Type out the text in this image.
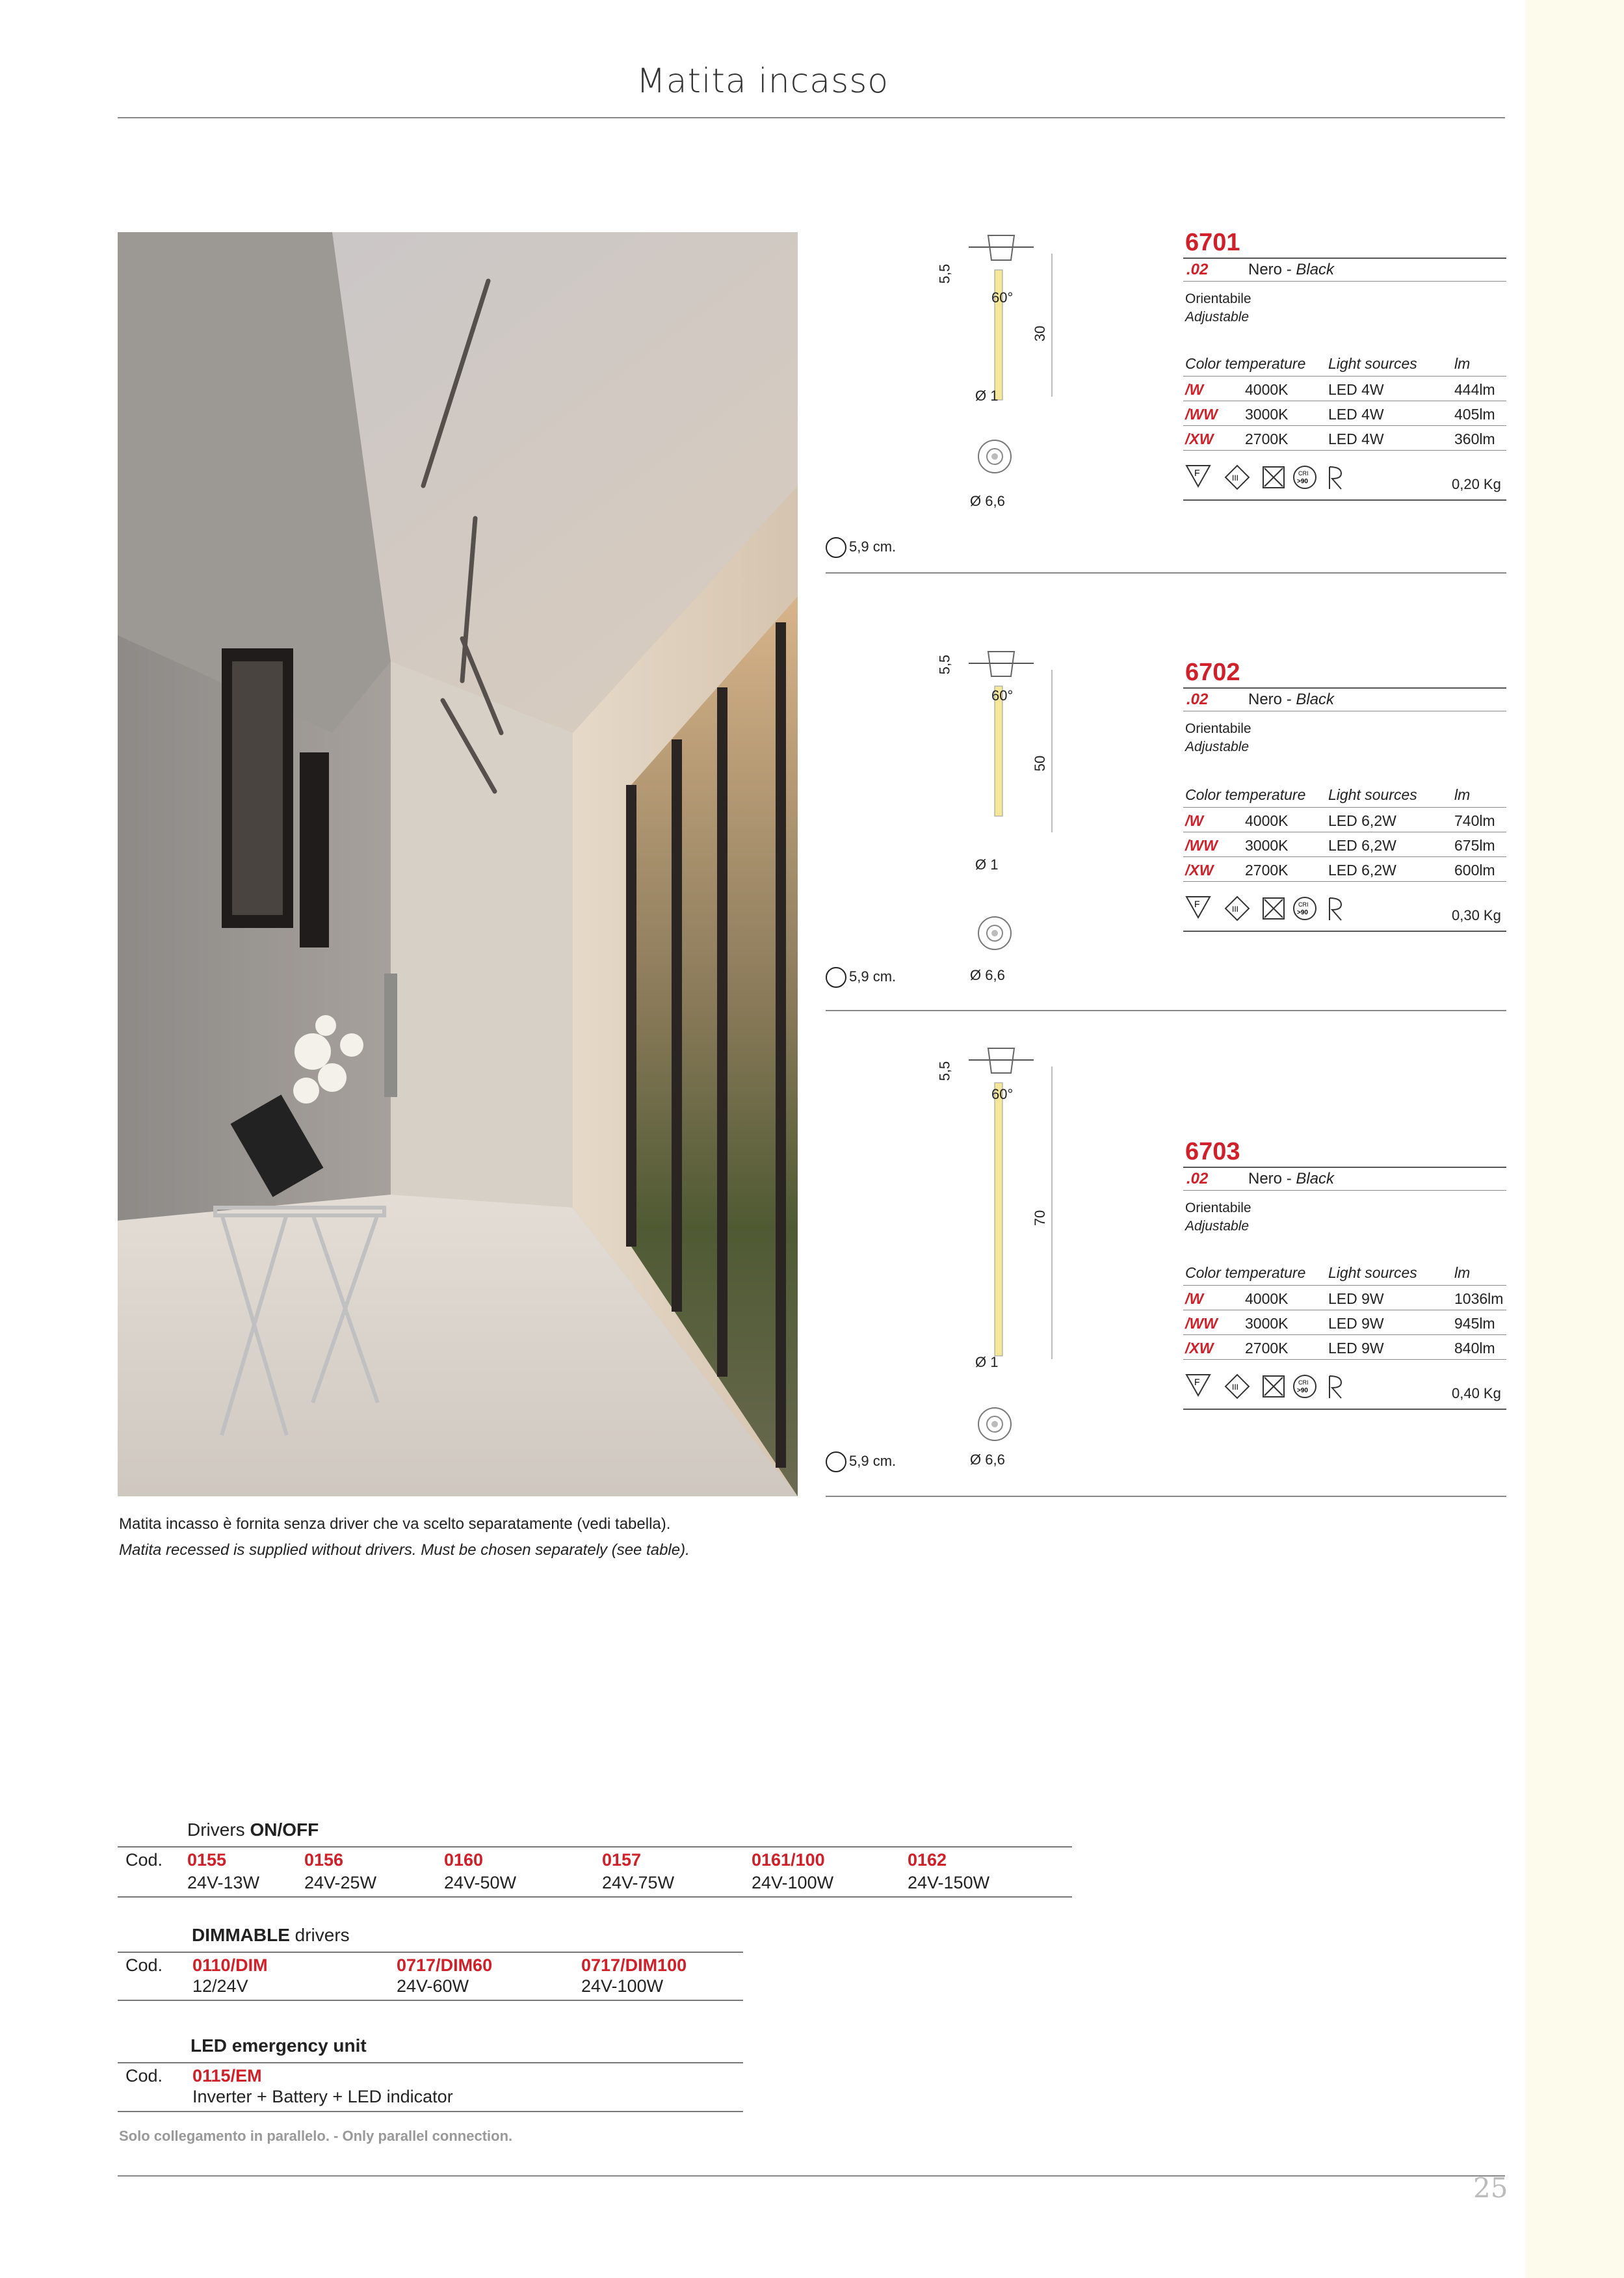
Matita incasso
Matita incasso è fornita senza driver che va scelto separatamente (vedi tabella).
Matita recessed is supplied without drivers. Must be chosen separately (see table).
5,5
60°
30
Ø 1
Ø 6,6
5,9 cm.
6701
.02	Nero - Black
Orientabile
Adjustable
Color temperature Light sources lm
/W	4000K	LED 4W	444lm
/WW 3000K	LED 4W	405lm
/XW 2700K	LED 4W	360lm
F	III	CRI
>90	0,20 Kg
5,5
60°
50
Ø 1
Ø 6,6
5,9 cm.
6702
.02	Nero - Black
Orientabile
Adjustable
Color temperature Light sources lm
/W	4000K	LED 6,2W	740lm
/WW 3000K	LED 6,2W	675lm
/XW 2700K	LED 6,2W	600lm
F	III	CRI
>90	0,30 Kg
5,5
60°
70
Ø 1
Ø 6,6
5,9 cm.
6703
.02	Nero - Black
Orientabile
Adjustable
Color temperature Light sources lm
/W	4000K	LED 9W	1036lm
/WW 3000K	LED 9W	945lm
/XW 2700K	LED 9W	840lm
F	III	CRI
>90	0,40 Kg
Drivers ON/OFF
Cod. 0155	0156	0160	0157	0161/100	0162
24V-13W	24V-25W	24V-50W	24V-75W	24V-100W	24V-150W
DIMMABLE drivers
Cod. 0110/DIM	0717/DIM60	0717/DIM100
12/24V	24V-60W	24V-100W
LED emergency unit
Cod. 0115/EM
Inverter + Battery + LED indicator
Solo collegamento in parallelo. - Only parallel connection.
25
